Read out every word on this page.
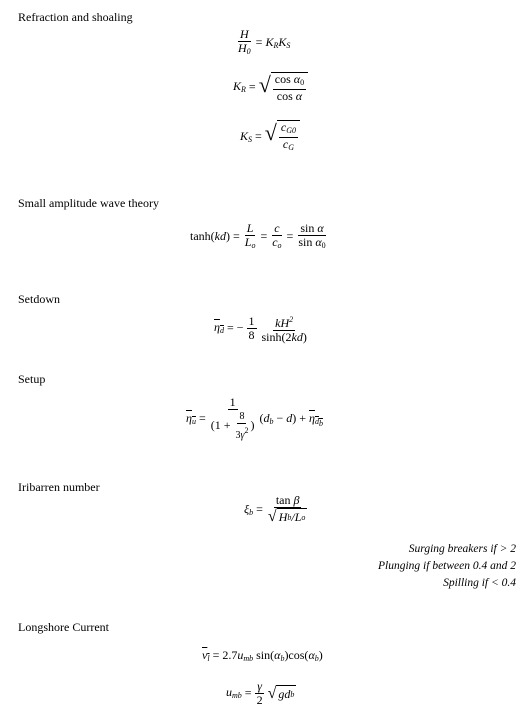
Refraction and shoaling
$\frac{H}{H_0} = K_RK_S$
$K_R$ = √ $\frac{\cos \alpha_0}{\text{cos α}}$
$K_S$ = √ $\frac{c_{G0}}{c_G}$
Small amplitude wave theory
$\tanh(kd) = \frac{L}{L_o} = \frac{c}{c_o} = \frac{\text{sin α}}{\sin \alpha_0}$
Setdown
$\eta_d$ = − $\frac{1}{8}$
$\frac{kH^2}{\sinh(2kd)}$
Setup
$\eta_u = \frac{1}{(1 + \frac{8}{3\gamma^2} )} (d_b - d) + \eta_{db}$
Iribarren number
$\xi_b = \frac{\text{tan β}}{\text{√ H b /L o}}$
Surging breakers if > 2
Plunging if between 0.4 and 2
Spilling if < 0.4
Longshore Current
$v_l = 2.7u_{mb}$ $\sin(\alpha_b)\cos(\alpha_b)$
$u_{mb} = \frac{\gamma}{2}$
√ gd b
